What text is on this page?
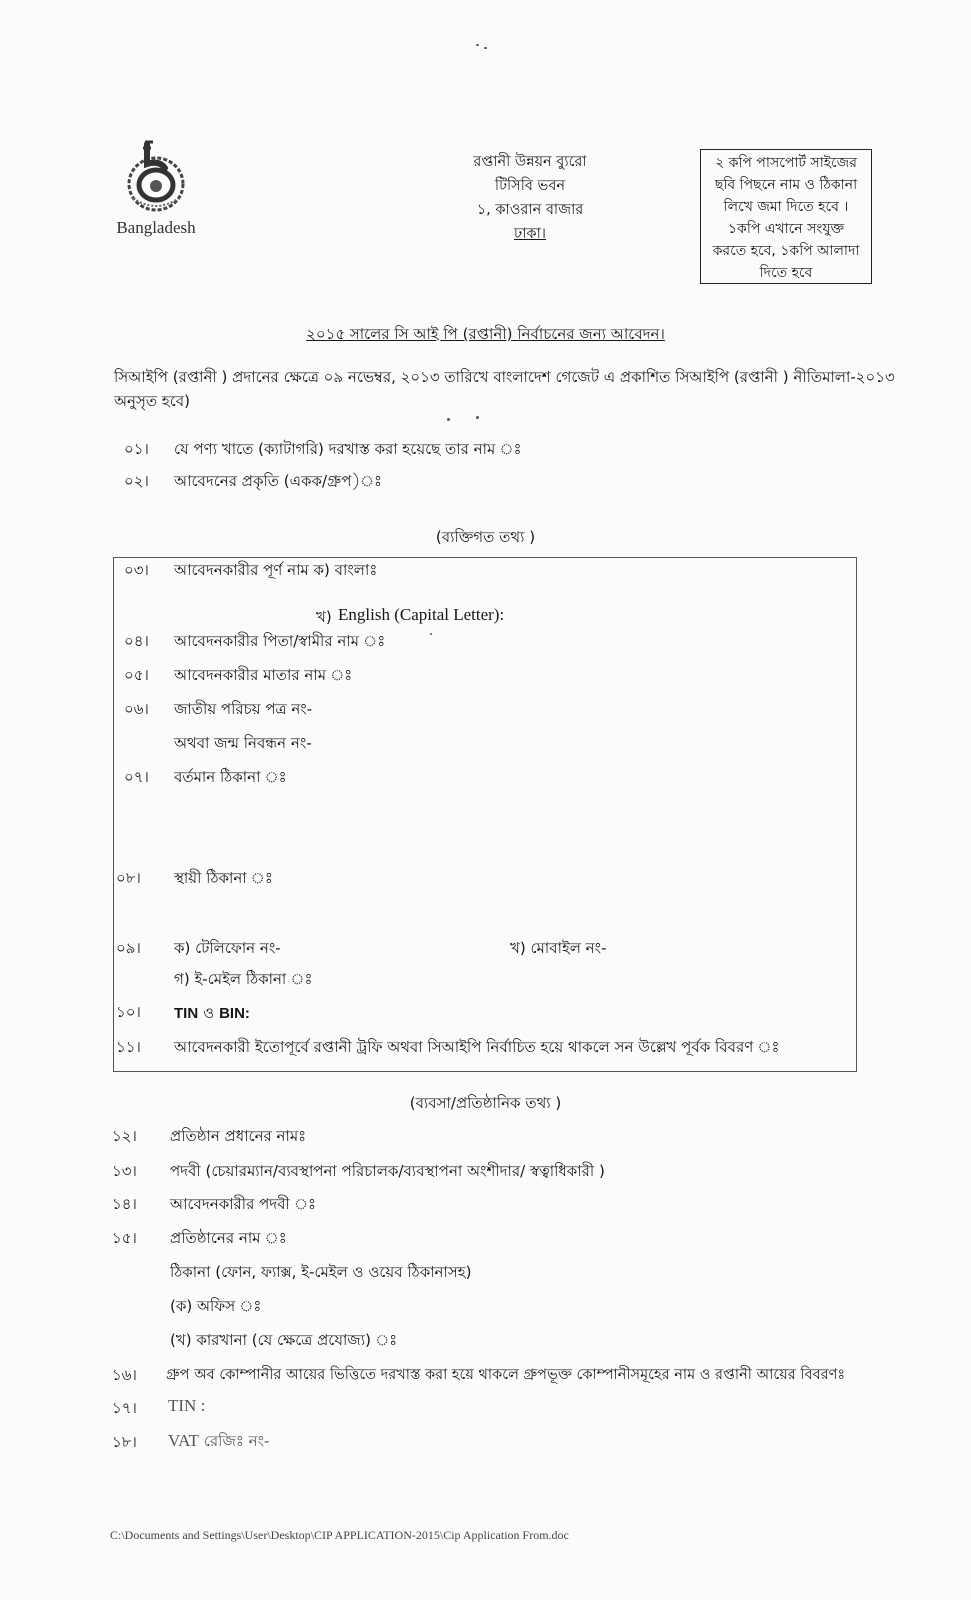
Bangladesh
রপ্তানী উন্নয়ন ব্যুরো
টিসিবি ভবন
১, কাওরান বাজার
ঢাকা।
২ কপি পাসপোর্ট সাইজের
ছবি পিছনে নাম ও ঠিকানা
লিখে জমা দিতে হবে ।
১কপি এখানে সংযুক্ত
করতে হবে, ১কপি আলাদা
দিতে হবে
২০১৫ সালের সি আই পি (রপ্তানী) নির্বাচনের জন্য আবেদন।
সিআইপি (রপ্তানী ) প্রদানের ক্ষেত্রে ০৯ নভেম্বর, ২০১৩ তারিখে বাংলাদেশ গেজেট এ প্রকাশিত সিআইপি (রপ্তানী ) নীতিমালা-২০১৩ অনুসৃত হবে)
০১। যে পণ্য খাতে (ক্যাটাগরি) দরখাস্ত করা হয়েছে তার নাম ঃ
০২। আবেদনের প্রকৃতি (একক/গ্রুপ)ঃ
(ব্যক্তিগত তথ্য )
০৩। আবেদনকারীর পূর্ণ নাম ক) বাংলাঃ
খ) English (Capital Letter):
০৪। আবেদনকারীর পিতা/স্বামীর নাম ঃ
০৫। আবেদনকারীর মাতার নাম ঃ
০৬। জাতীয় পরিচয় পত্র নং-
অথবা জন্ম নিবন্ধন নং-
০৭। বর্তমান ঠিকানা ঃ
০৮। স্থায়ী ঠিকানা ঃ
০৯। ক) টেলিফোন নং-	খ) মোবাইল নং-
গ) ই-মেইল ঠিকানা ঃ
১০। TIN ও BIN:
১১। আবেদনকারী ইতোপূর্বে রপ্তানী ট্রফি অথবা সিআইপি নির্বাচিত হয়ে থাকলে সন উল্লেখ পূর্বক বিবরণ ঃ
(ব্যবসা/প্রতিষ্ঠানিক তথ্য )
১২। প্রতিষ্ঠান প্রধানের নামঃ
১৩। পদবী (চেয়ারম্যান/ব্যবস্থাপনা পরিচালক/ব্যবস্থাপনা অংশীদার/ স্বত্বাধিকারী )
১৪। আবেদনকারীর পদবী ঃ
১৫। প্রতিষ্ঠানের নাম ঃ
ঠিকানা (ফোন, ফ্যাক্স, ই-মেইল ও ওয়েব ঠিকানাসহ)
(ক) অফিস ঃ
(খ) কারখানা (যে ক্ষেত্রে প্রযোজ্য) ঃ
১৬। গ্রুপ অব কোম্পানীর আয়ের ভিত্তিতে দরখাস্ত করা হয়ে থাকলে গ্রুপভূক্ত কোম্পানীসমূহের নাম ও রপ্তানী আয়ের বিবরণঃ
১৭। TIN :
১৮। VAT রেজিঃ নং-
C:\Documents and Settings\User\Desktop\CIP APPLICATION-2015\Cip Application From.doc
